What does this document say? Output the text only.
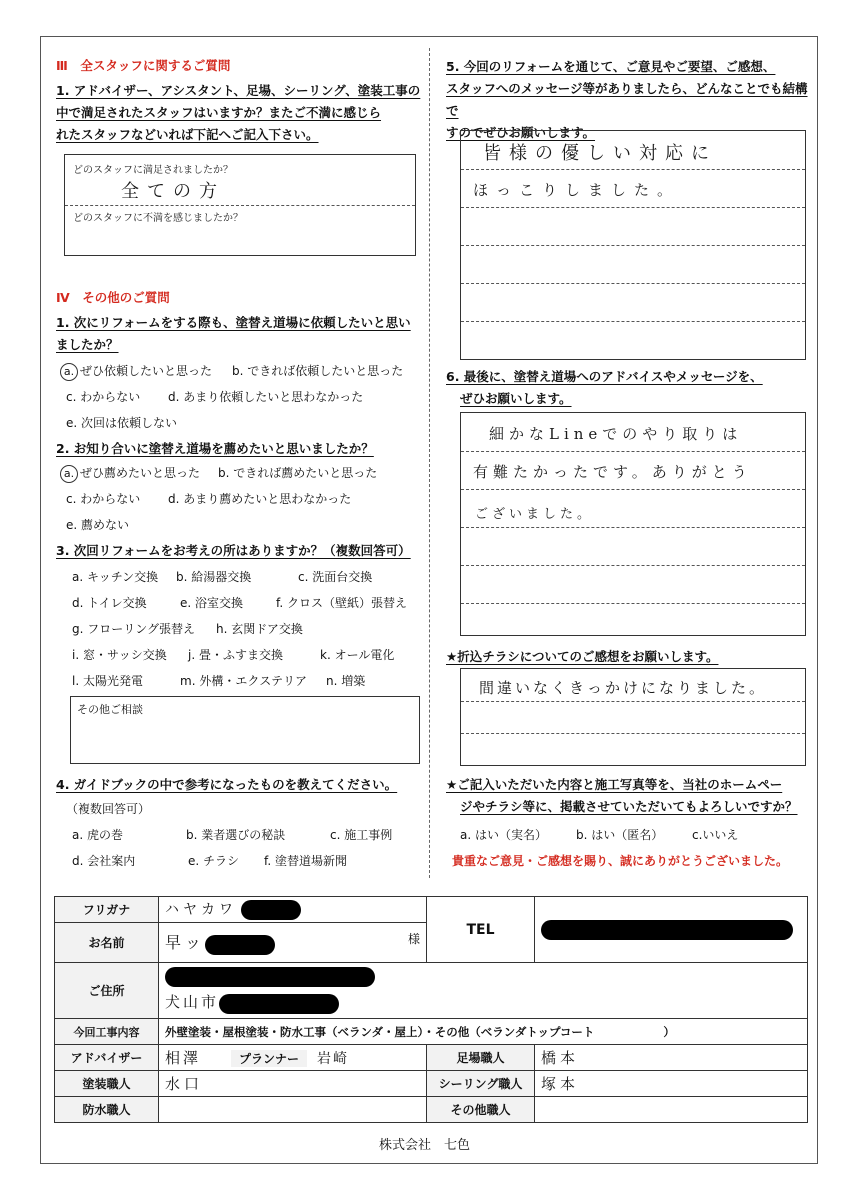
Ⅲ　全スタッフに関するご質問
1. アドバイザー、アシスタント、足場、シーリング、塗装工事の
中で満足されたスタッフはいますか？またご不満に感じら
れたスタッフなどいれば下記へご記入下さい。
どのスタッフに満足されましたか？
全ての方
どのスタッフに不満を感じましたか？
Ⅳ　その他のご質問
1. 次にリフォームをする際も、塗替え道場に依頼したいと思い
ましたか？
a. ぜひ依頼したいと思った b. できれば依頼したいと思った
c. わからない d. あまり依頼したいと思わなかった
e. 次回は依頼しない
2. お知り合いに塗替え道場を薦めたいと思いましたか？
a. ぜひ薦めたいと思った b. できれば薦めたいと思った
c. わからない d. あまり薦めたいと思わなかった
e. 薦めない
3. 次回リフォームをお考えの所はありますか？（複数回答可）
a. キッチン交換 b. 給湯器交換	c. 洗面台交換
d. トイレ交換	e. 浴室交換	f. クロス（壁紙）張替え
g. フローリング張替え h. 玄関ドア交換
i. 窓・サッシ交換 j. 畳・ふすま交換	k. オール電化
l. 太陽光発電	m. 外構・エクステリア n. 増築
その他ご相談
4. ガイドブックの中で参考になったものを教えてください。
（複数回答可）
a. 虎の巻	b. 業者選びの秘訣	c. 施工事例
d. 会社案内	e. チラシ f. 塗替道場新聞
5. 今回のリフォームを通じて、ご意見やご要望、ご感想、
スタッフへのメッセージ等がありましたら、どんなことでも結構で
すのでぜひお願いします。
皆様の優しい対応に
ほっこりしました。
6. 最後に、塗替え道場へのアドバイスやメッセージを、
ぜひお願いします。
細かなLineでのやり取りは
有難たかったです。ありがとう
ございました。
★折込チラシについてのご感想をお願いします。
間違いなくきっかけになりました。
★ご記入いただいた内容と施工写真等を、当社のホームペー
ジやチラシ等に、掲載させていただいてもよろしいですか？
a. はい（実名） b. はい（匿名） c.いいえ
貴重なご意見・ご感想を賜り、誠にありがとうございました。
フリガナ	ハヤカワ	TEL	
お名前	早ッ 様		

ご住所	犬山市		
今回工事内容	外壁塗装・屋根塗装・防水工事（ベランダ・屋上）・その他（ベランダトップコート　　　　　　）		
アドバイザー	相澤 プランナー 岩崎	足場職人	橋本
塗装職人	水口	シーリング職人	塚本
防水職人		その他職人	
株式会社　七色
